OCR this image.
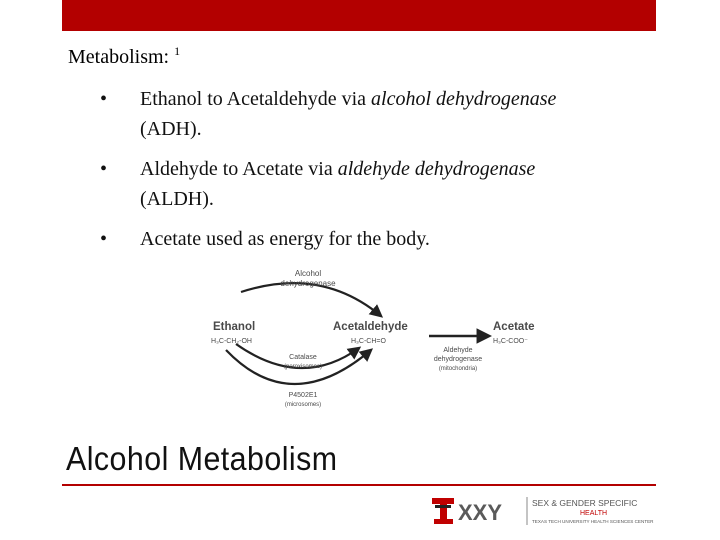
Metabolism: $^1$
• Ethanol to Acetaldehyde via alcohol dehydrogenase
(ADH).
• Aldehyde to Acetate via aldehyde dehydrogenase
(ALDH).
• Acetate used as energy for the body.
Alcohol
dehydrogenase
Ethanol
H₃C-CH₂-OH
Acetaldehyde
H₃C-CH=O
Acetate
H₃C-COO⁻
Aldehyde
dehydrogenase
(mitochondria)
Catalase
(peroxisomes)
P4502E1
(microsomes)
Alcohol Metabolism
XXY	SEX & GENDER SPECIFIC
HEALTH
TEXAS TECH UNIVERSITY HEALTH SCIENCES CENTER
